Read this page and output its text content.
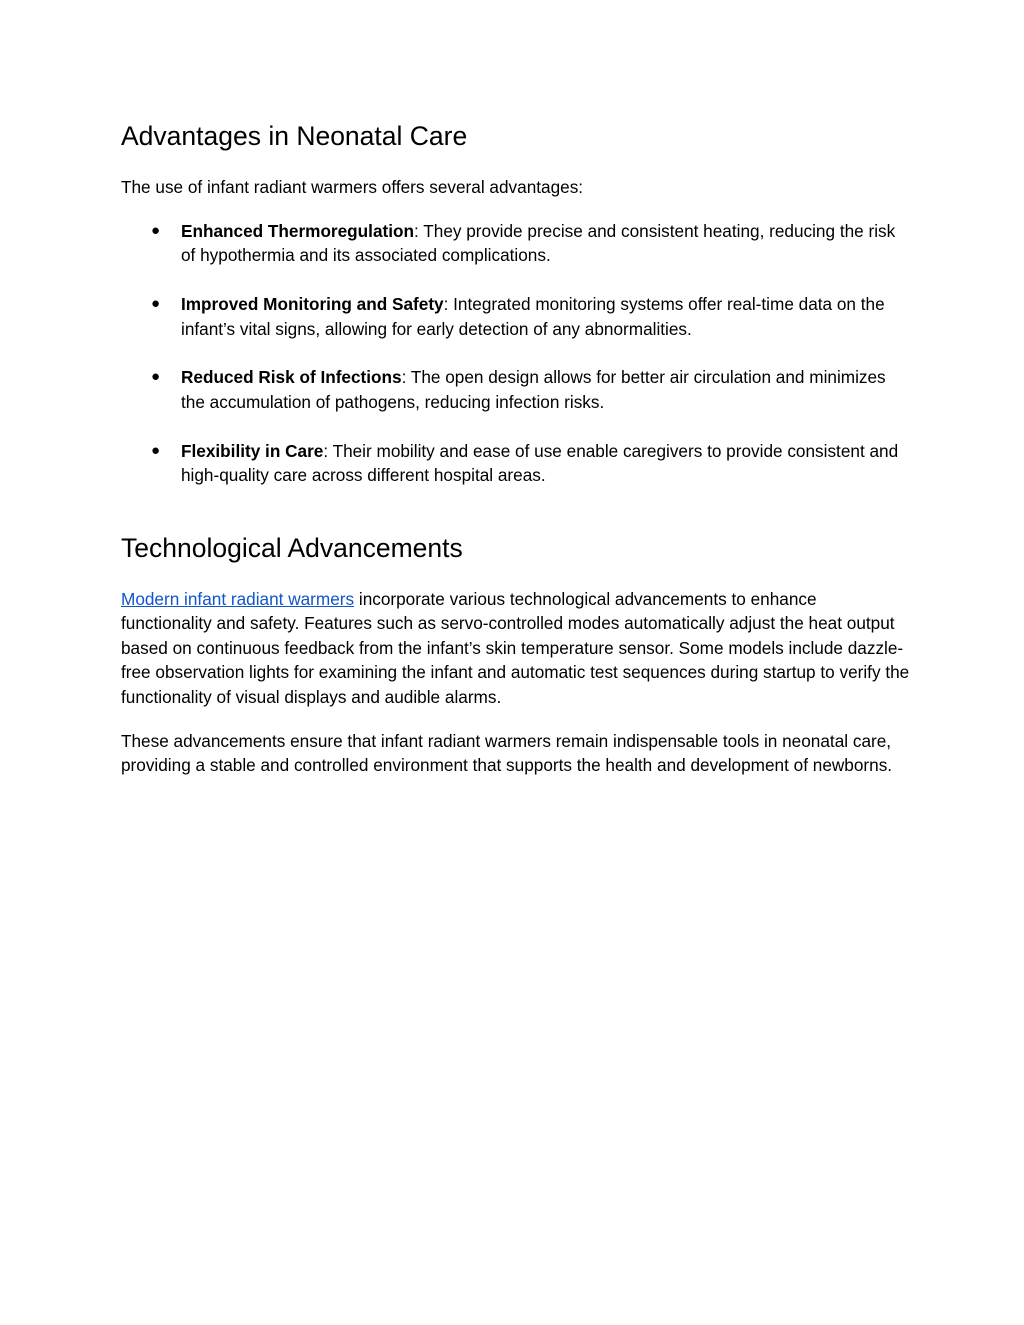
Advantages in Neonatal Care

The use of infant radiant warmers offers several advantages:

● Enhanced Thermoregulation: They provide precise and consistent heating, reducing the risk of hypothermia and its associated complications.
● Improved Monitoring and Safety: Integrated monitoring systems offer real-time data on the infant’s vital signs, allowing for early detection of any abnormalities.
● Reduced Risk of Infections: The open design allows for better air circulation and minimizes the accumulation of pathogens, reducing infection risks.
● Flexibility in Care: Their mobility and ease of use enable caregivers to provide consistent and high-quality care across different hospital areas.
Technological Advancements

Modern infant radiant warmers incorporate various technological advancements to enhance functionality and safety. Features such as servo-controlled modes automatically adjust the heat output based on continuous feedback from the infant’s skin temperature sensor. Some models include dazzle-free observation lights for examining the infant and automatic test sequences during startup to verify the functionality of visual displays and audible alarms.

These advancements ensure that infant radiant warmers remain indispensable tools in neonatal care, providing a stable and controlled environment that supports the health and development of newborns.
